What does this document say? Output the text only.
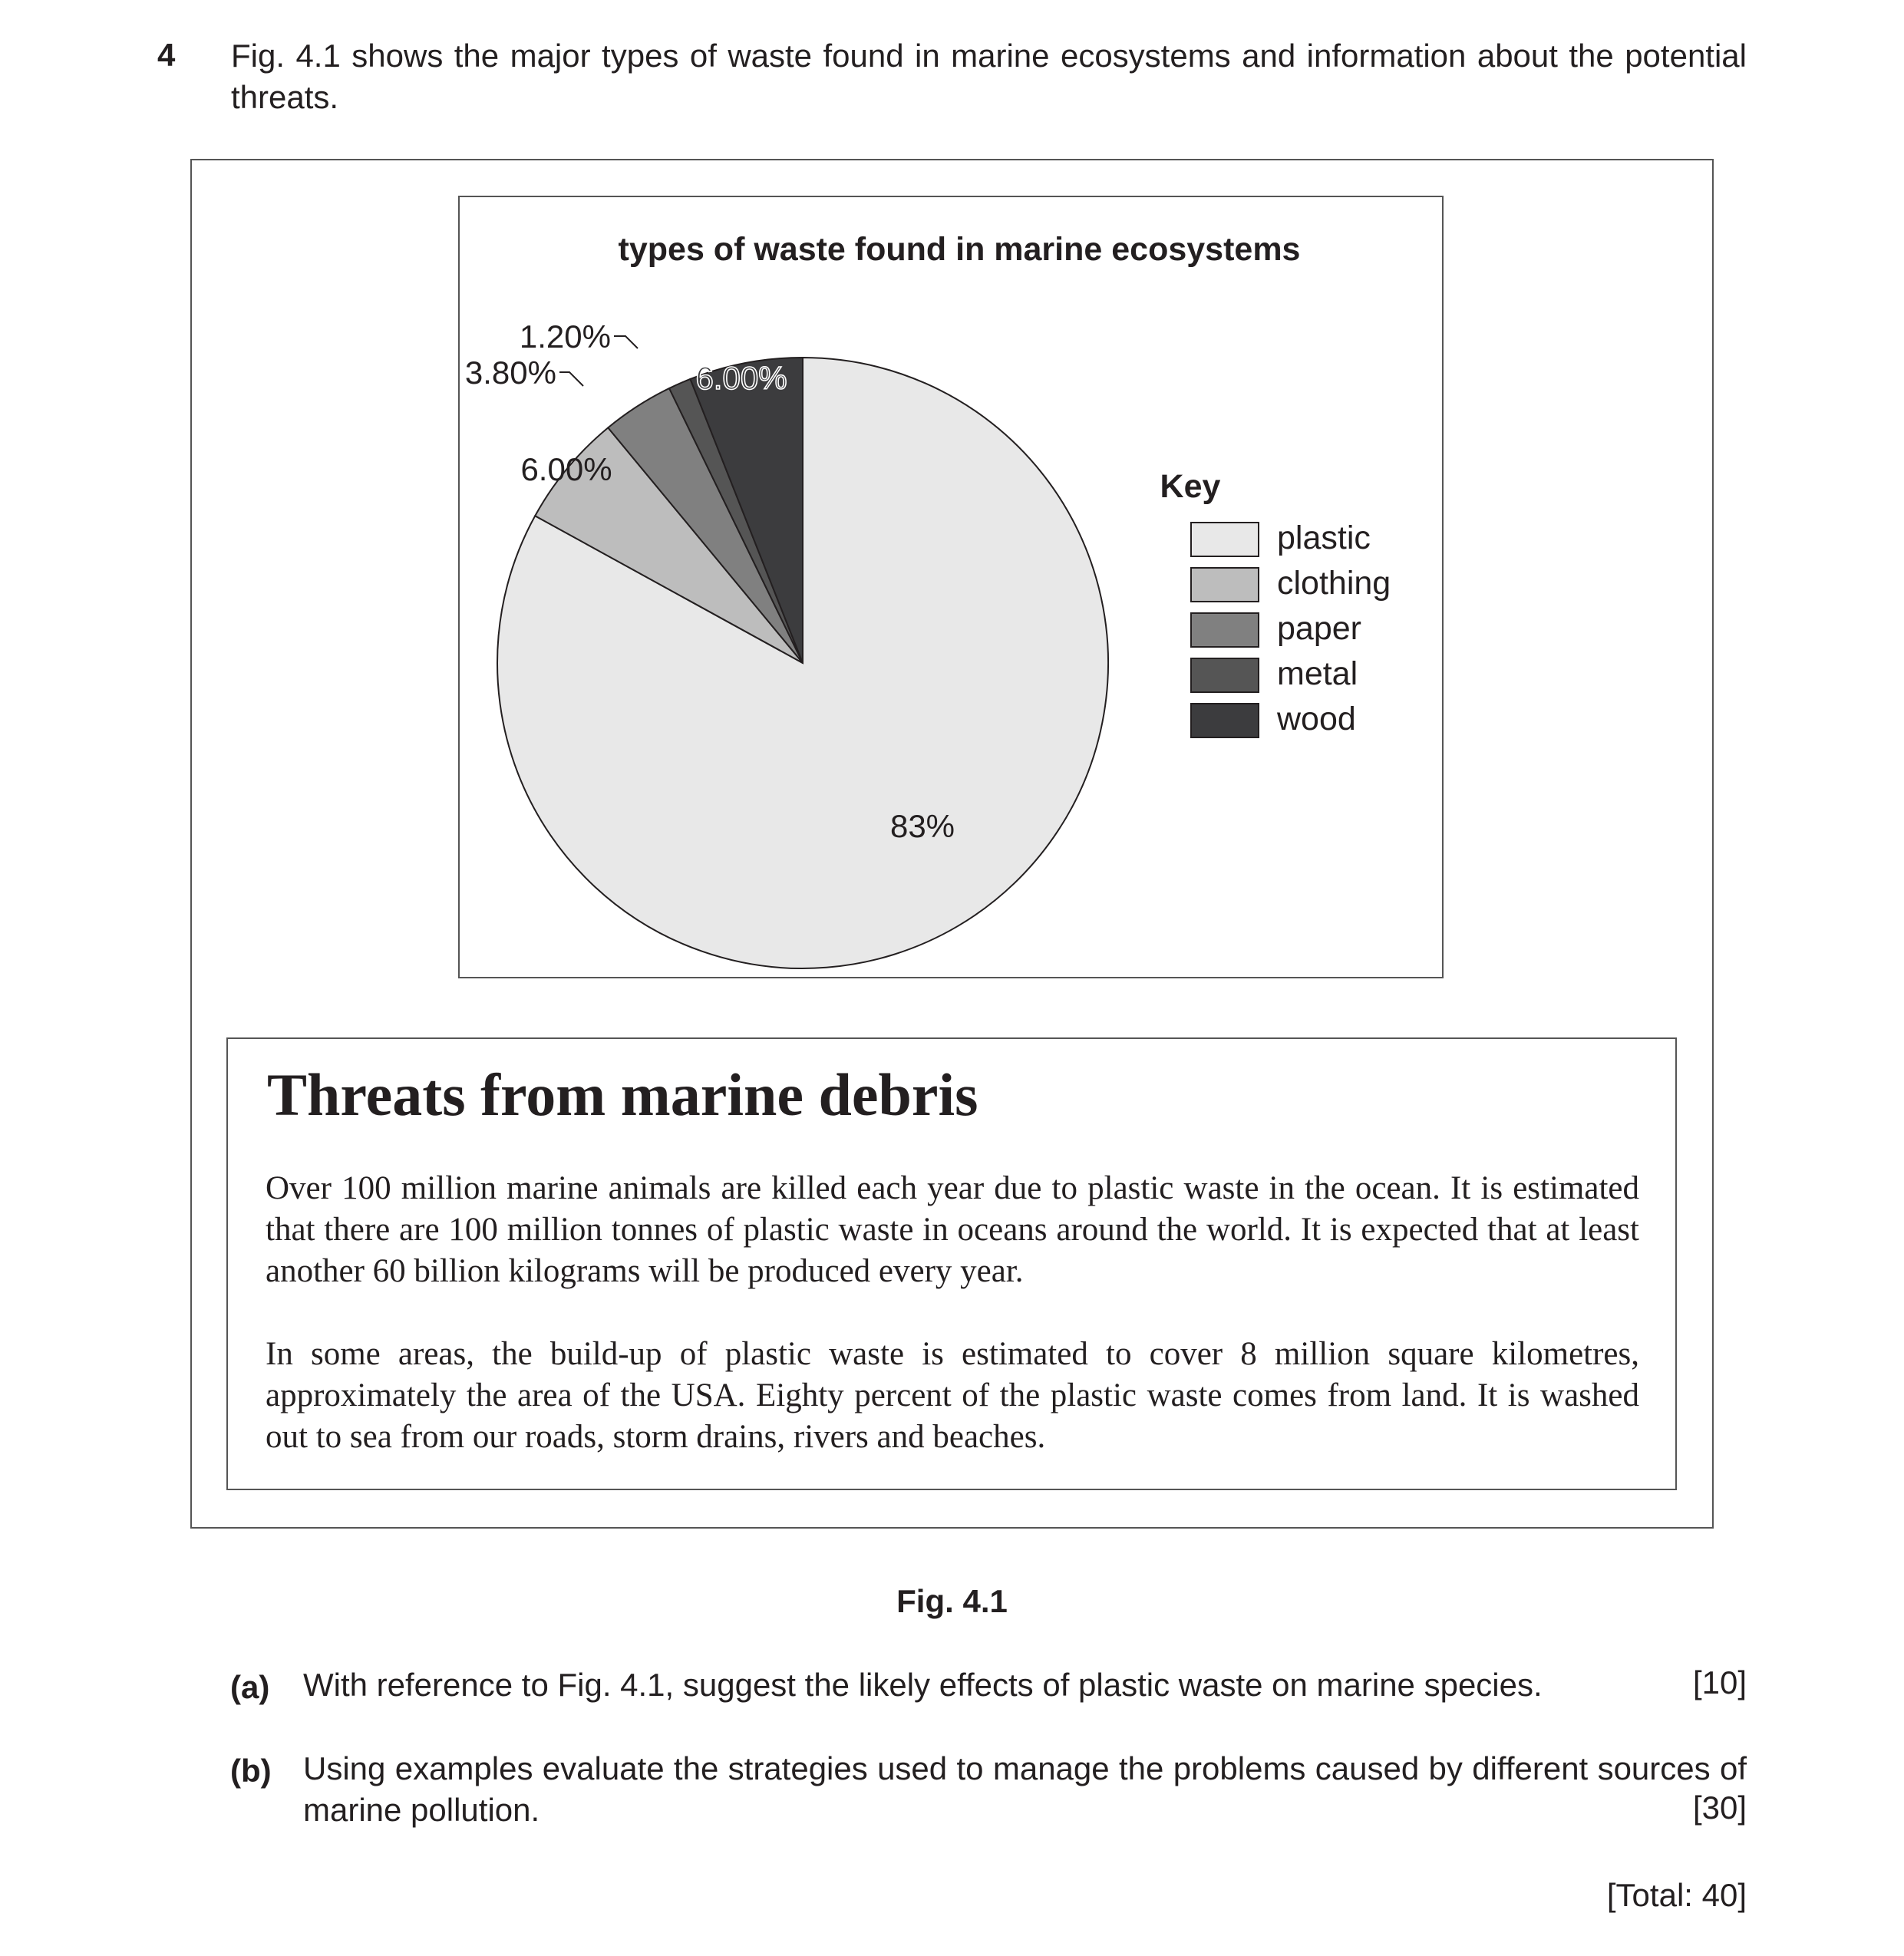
4 Fig. 4.1 shows the major types of waste found in marine ecosystems and information about the potential threats.
types of waste found in marine ecosystems
83%
6.00%
3.80%
1.20%
6.00%
Key
plastic
clothing
paper
metal
wood
Threats from marine debris

Over 100 million marine animals are killed each year due to plastic waste in the ocean. It is estimated that there are 100 million tonnes of plastic waste in oceans around the world. It is expected that at least another 60 billion kilograms will be produced every year.

In some areas, the build-up of plastic waste is estimated to cover 8 million square kilometres, approximately the area of the USA. Eighty percent of the plastic waste comes from land. It is washed out to sea from our roads, storm drains, rivers and beaches.

Fig. 4.1
(a) With reference to Fig. 4.1, suggest the likely effects of plastic waste on marine species.	[10]
(b) Using examples evaluate the strategies used to manage the problems caused by different sources of marine pollution.	[30]
[Total: 40]
